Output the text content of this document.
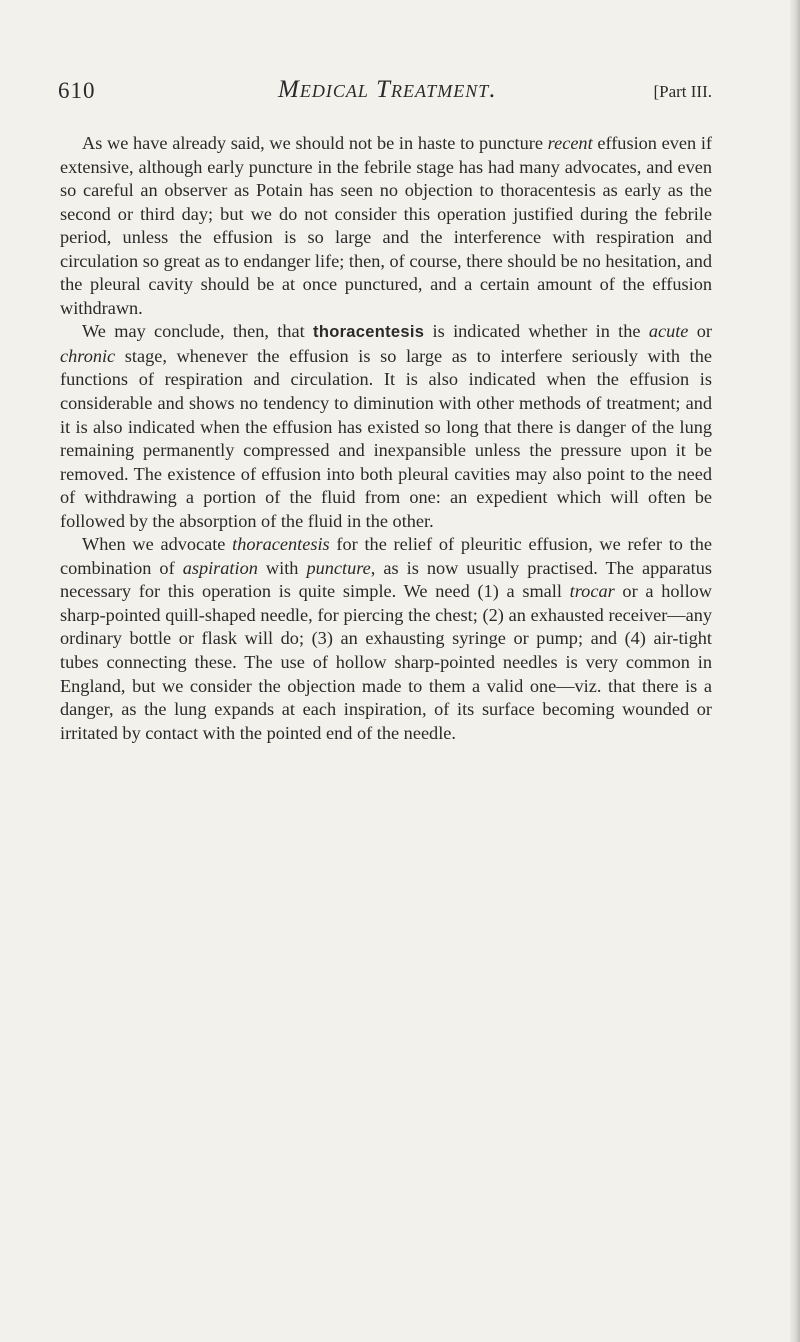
610	Medical Treatment.	[Part III.

As we have already said, we should not be in haste to puncture recent effusion even if extensive, although early puncture in the febrile stage has had many advocates, and even so careful an observer as Potain has seen no objection to thoracentesis as early as the second or third day; but we do not consider this operation justified during the febrile period, unless the effusion is so large and the interference with respiration and circulation so great as to endanger life; then, of course, there should be no hesitation, and the pleural cavity should be at once punctured, and a certain amount of the effusion withdrawn.

We may conclude, then, that thoracentesis is indicated whether in the acute or chronic stage, whenever the effusion is so large as to interfere seriously with the functions of respiration and circulation. It is also indicated when the effusion is considerable and shows no tendency to diminution with other methods of treatment; and it is also indicated when the effusion has existed so long that there is danger of the lung remaining permanently compressed and inexpansible unless the pressure upon it be removed. The existence of effusion into both pleural cavities may also point to the need of withdrawing a portion of the fluid from one: an expedient which will often be followed by the absorption of the fluid in the other.

When we advocate thoracentesis for the relief of pleuritic effusion, we refer to the combination of aspiration with puncture, as is now usually practised. The apparatus necessary for this operation is quite simple. We need (1) a small trocar or a hollow sharp-pointed quill-shaped needle, for piercing the chest; (2) an exhausted receiver—any ordinary bottle or flask will do; (3) an exhausting syringe or pump; and (4) air-tight tubes connecting these. The use of hollow sharp-pointed needles is very common in England, but we consider the objection made to them a valid one—viz. that there is a danger, as the lung expands at each inspiration, of its surface becoming wounded or irritated by contact with the pointed end of the needle.
